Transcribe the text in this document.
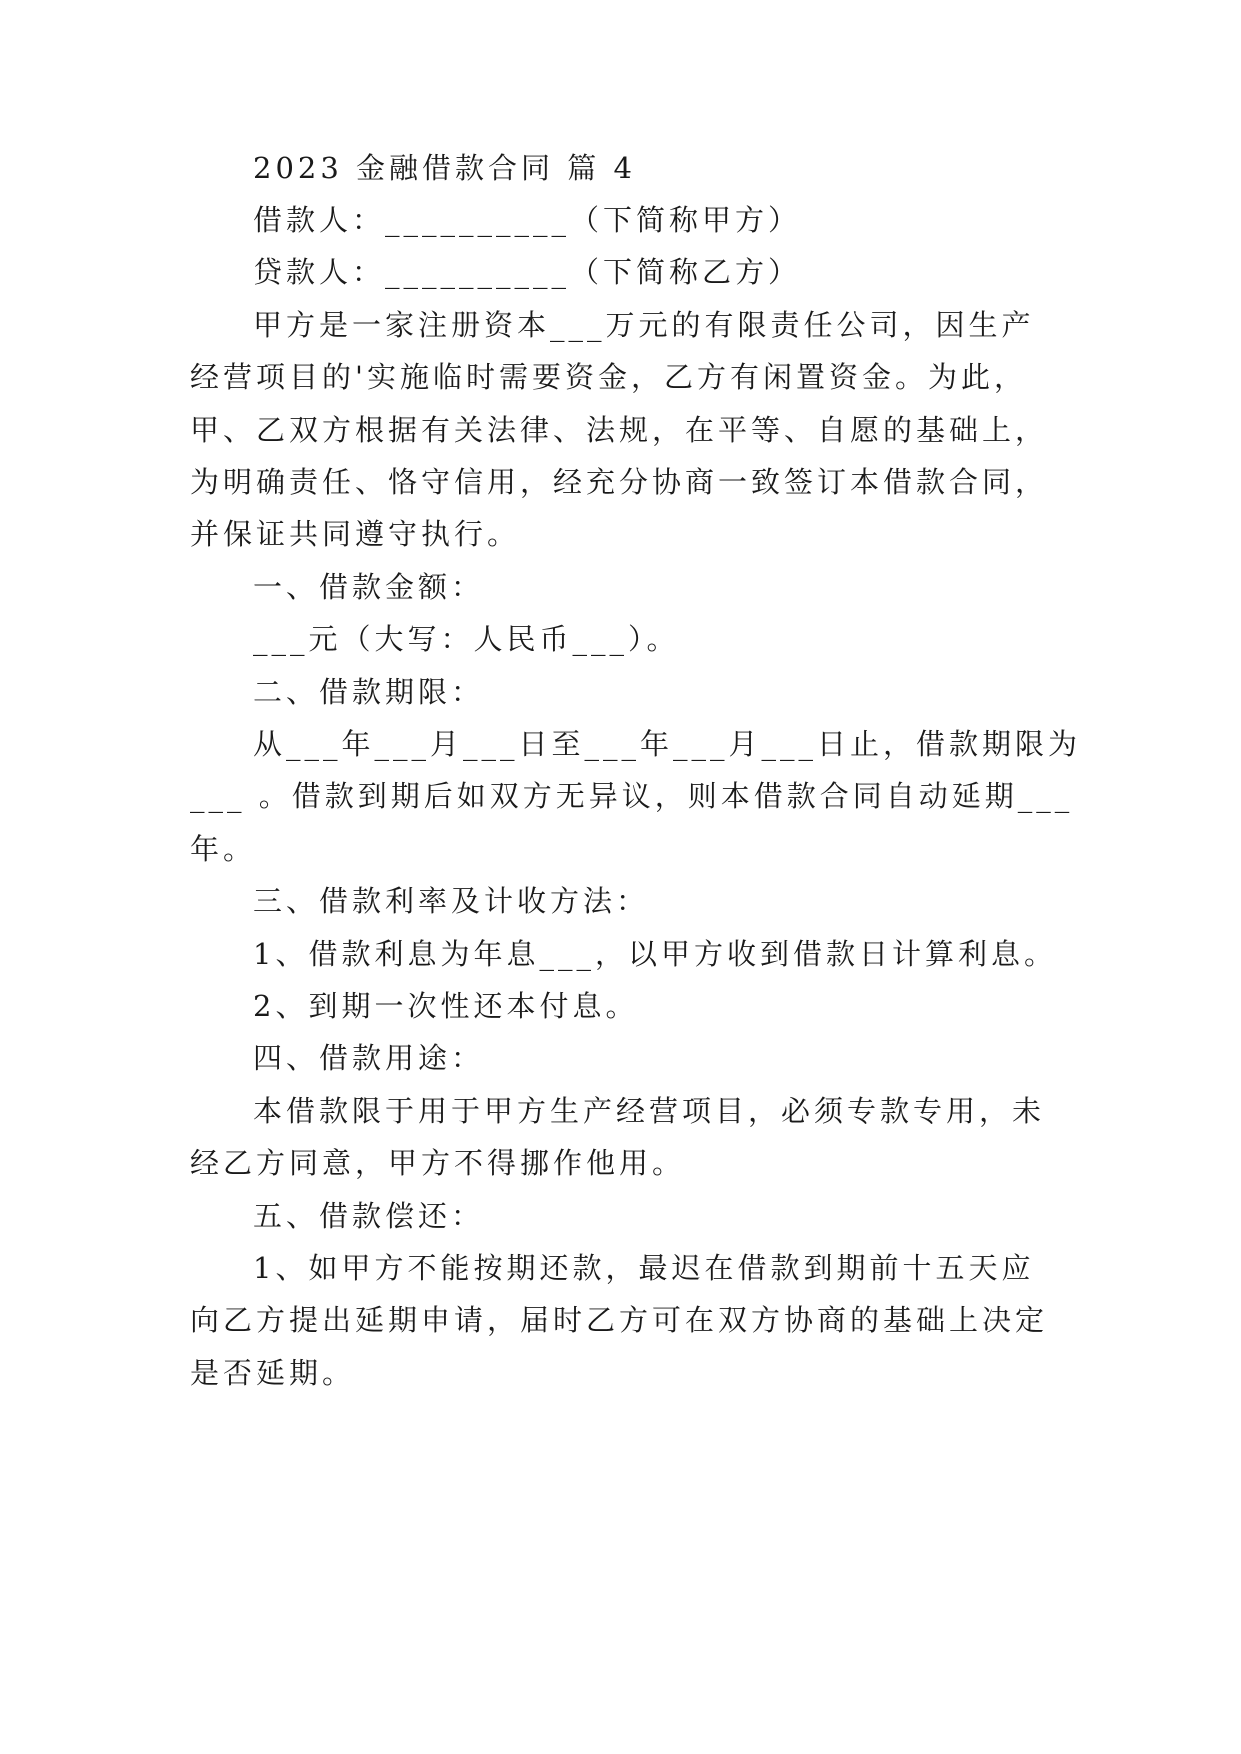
2023 金融借款合同 篇 4
借款人：__________（下简称甲方）
贷款人：__________（下简称乙方）
甲方是一家注册资本___万元的有限责任公司，因生产
经营项目的'实施临时需要资金，乙方有闲置资金。为此，
甲、乙双方根据有关法律、法规，在平等、自愿的基础上，
为明确责任、恪守信用，经充分协商一致签订本借款合同，
并保证共同遵守执行。
一、借款金额：
___元（大写：人民币___）。
二、借款期限：
从___年___月___日至___年___月___日止，借款期限为
___ 。借款到期后如双方无异议，则本借款合同自动延期___
年。
三、借款利率及计收方法：
1、借款利息为年息___，以甲方收到借款日计算利息。
2、到期一次性还本付息。
四、借款用途：
本借款限于用于甲方生产经营项目，必须专款专用，未
经乙方同意，甲方不得挪作他用。
五、借款偿还：
1、如甲方不能按期还款，最迟在借款到期前十五天应
向乙方提出延期申请，届时乙方可在双方协商的基础上决定
是否延期。
